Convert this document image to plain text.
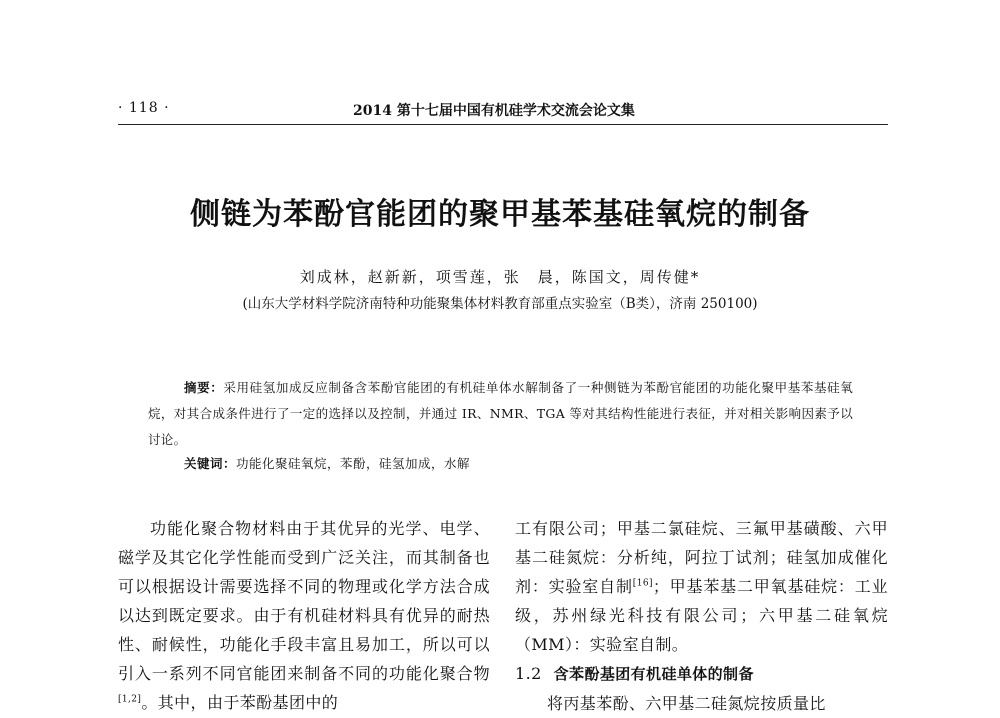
· 118 ·	2014 第十七届中国有机硅学术交流会论文集
侧链为苯酚官能团的聚甲基苯基硅氧烷的制备
刘成林，赵新新，项雪莲，张　晨，陈国文，周传健*
(山东大学材料学院济南特种功能聚集体材料教育部重点实验室（B类），济南 250100)
摘要：采用硅氢加成反应制备含苯酚官能团的有机硅单体水解制备了一种侧链为苯酚官能团的功能化聚甲基苯基硅氧烷，对其合成条件进行了一定的选择以及控制，并通过 IR、NMR、TGA 等对其结构性能进行表征，并对相关影响因素予以讨论。
关键词：功能化聚硅氧烷，苯酚，硅氢加成，水解

功能化聚合物材料由于其优异的光学、电学、磁学及其它化学性能而受到广泛关注，而其制备也可以根据设计需要选择不同的物理或化学方法合成以达到既定要求。由于有机硅材料具有优异的耐热性、耐候性，功能化手段丰富且易加工，所以可以引入一系列不同官能团来制备不同的功能化聚合物[1,2]。其中，由于苯酚基团中的

工有限公司；甲基二氯硅烷、三氟甲基磺酸、六甲基二硅氮烷：分析纯，阿拉丁试剂；硅氢加成催化剂：实验室自制[16]；甲基苯基二甲氧基硅烷：工业级，苏州绿光科技有限公司；六甲基二硅氧烷（MM）：实验室自制。

1.2 含苯酚基团有机硅单体的制备

将丙基苯酚、六甲基二硅氮烷按质量比
